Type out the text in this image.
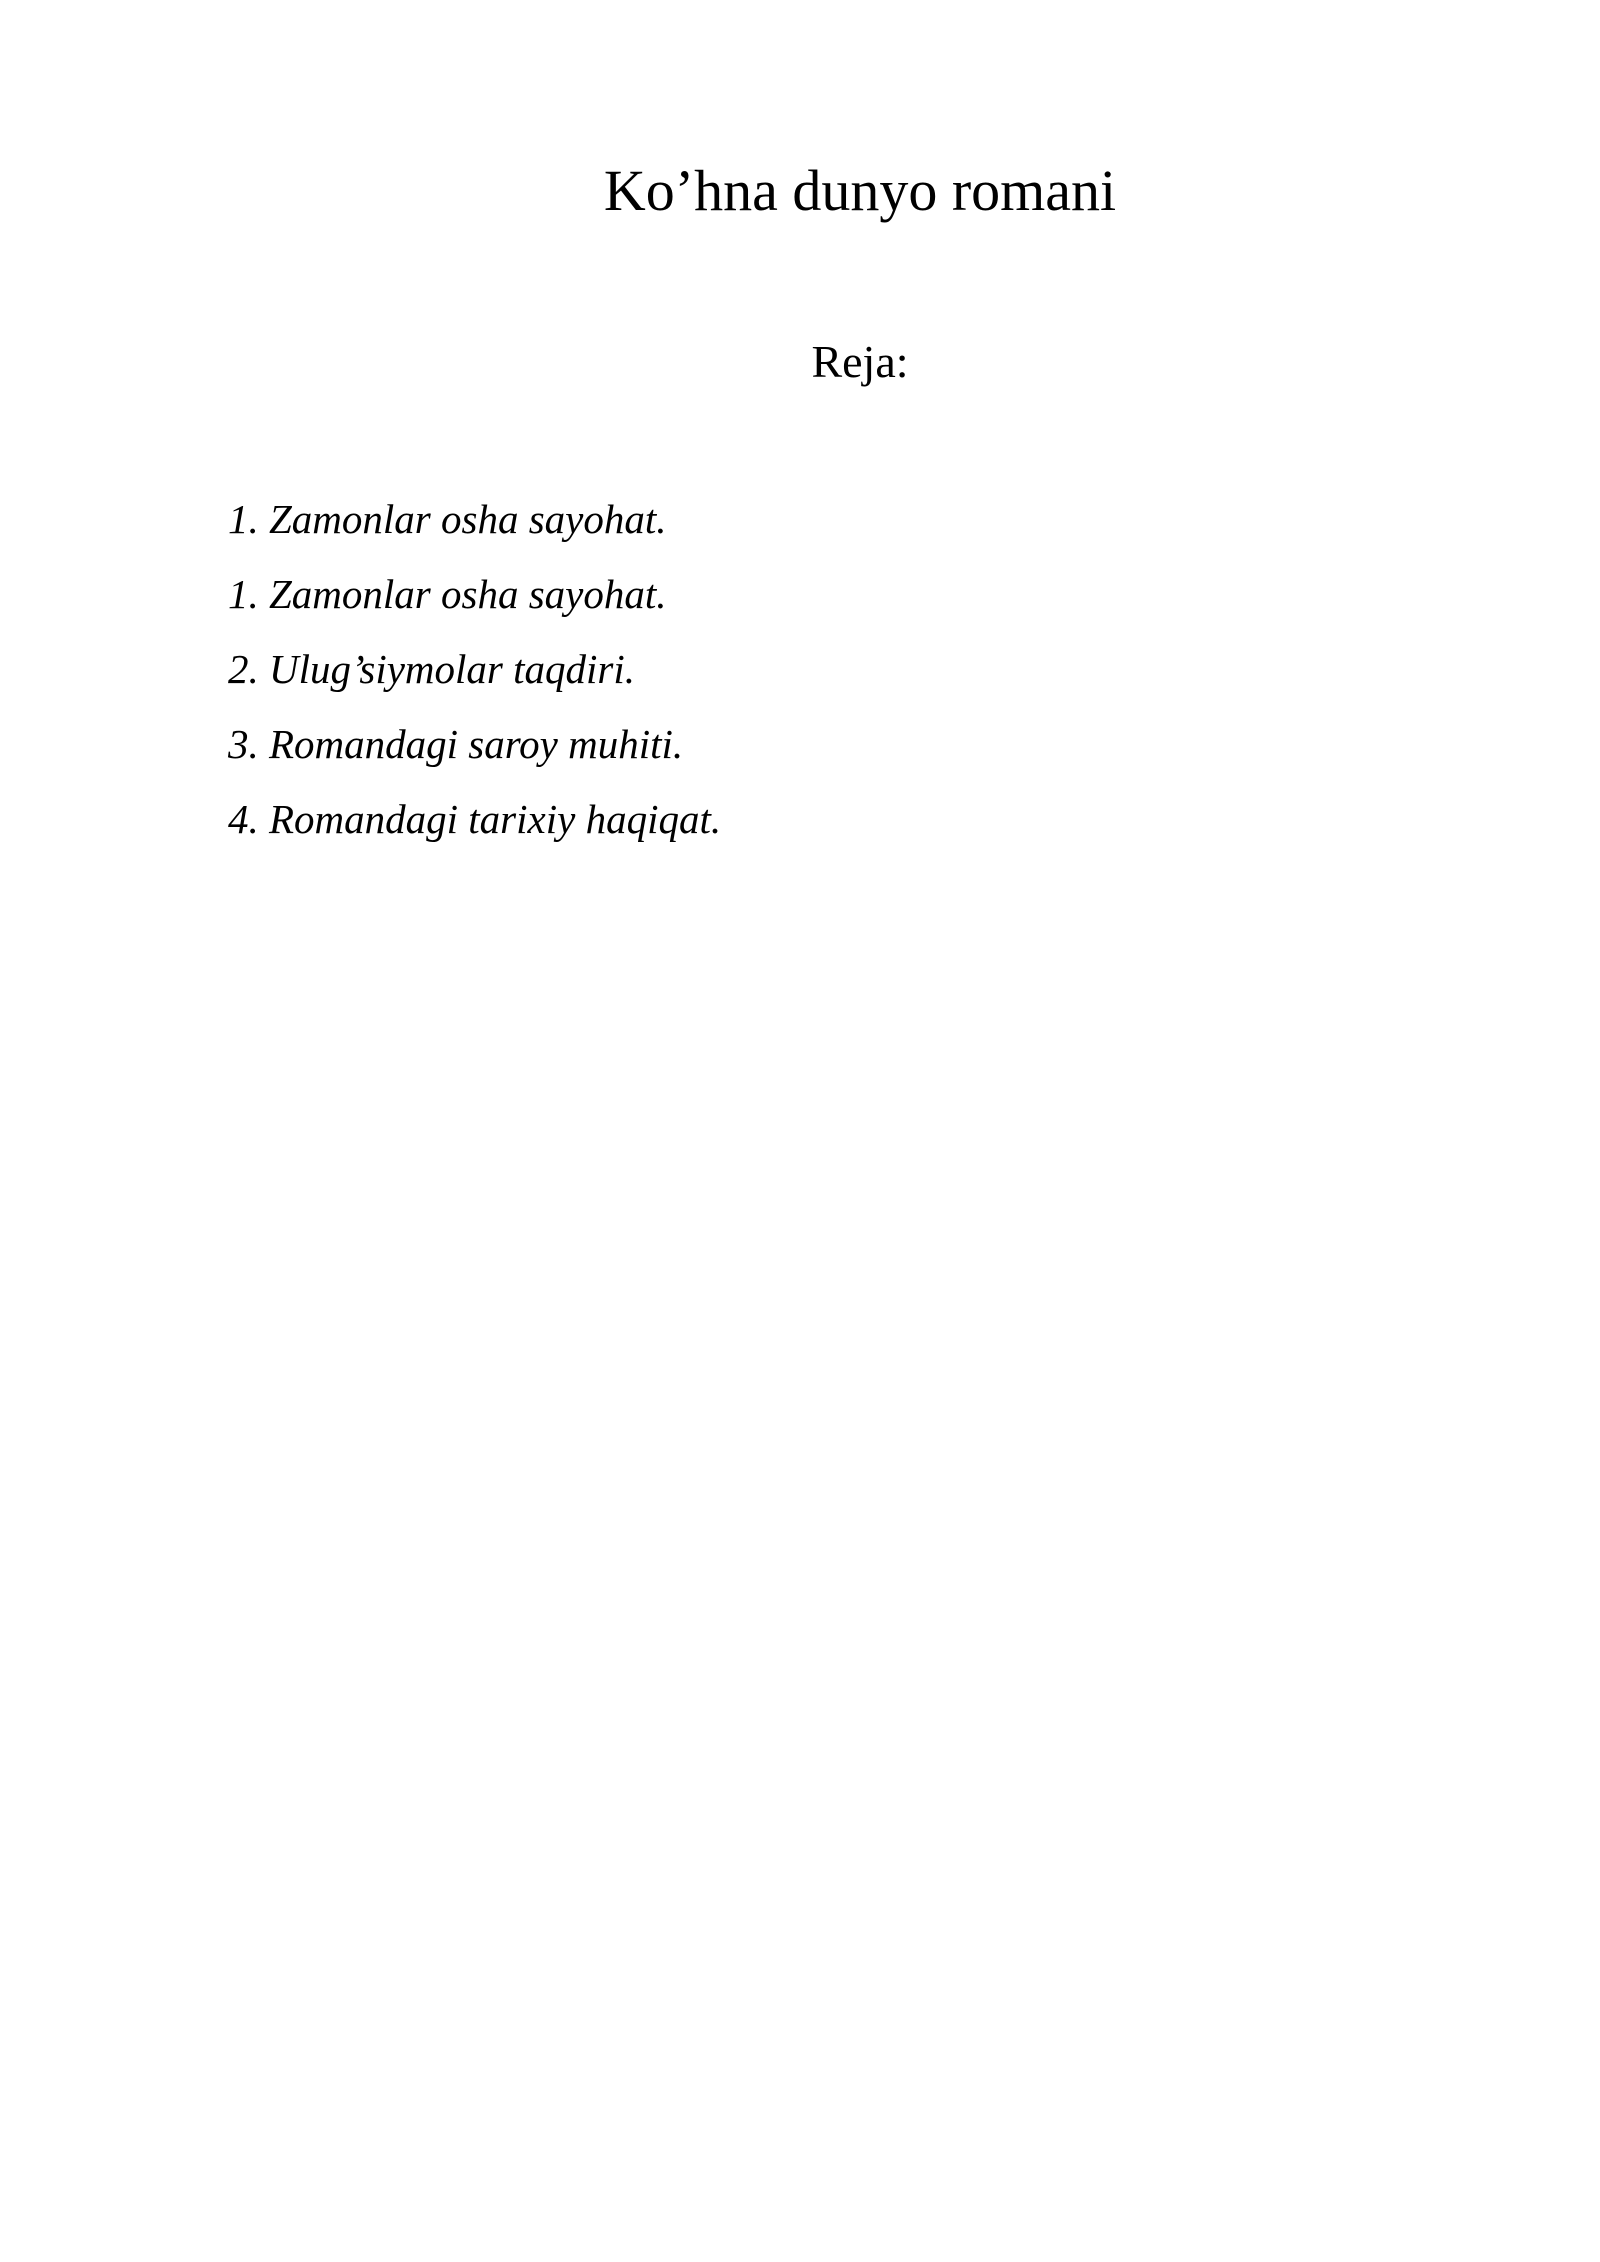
Ko’hna dunyo romani
Reja:
1. Zamonlar osha sayohat.
1. Zamonlar osha sayohat.
2. Ulug’siymolar taqdiri.
3. Romandagi saroy muhiti.
4. Romandagi tarixiy haqiqat.
